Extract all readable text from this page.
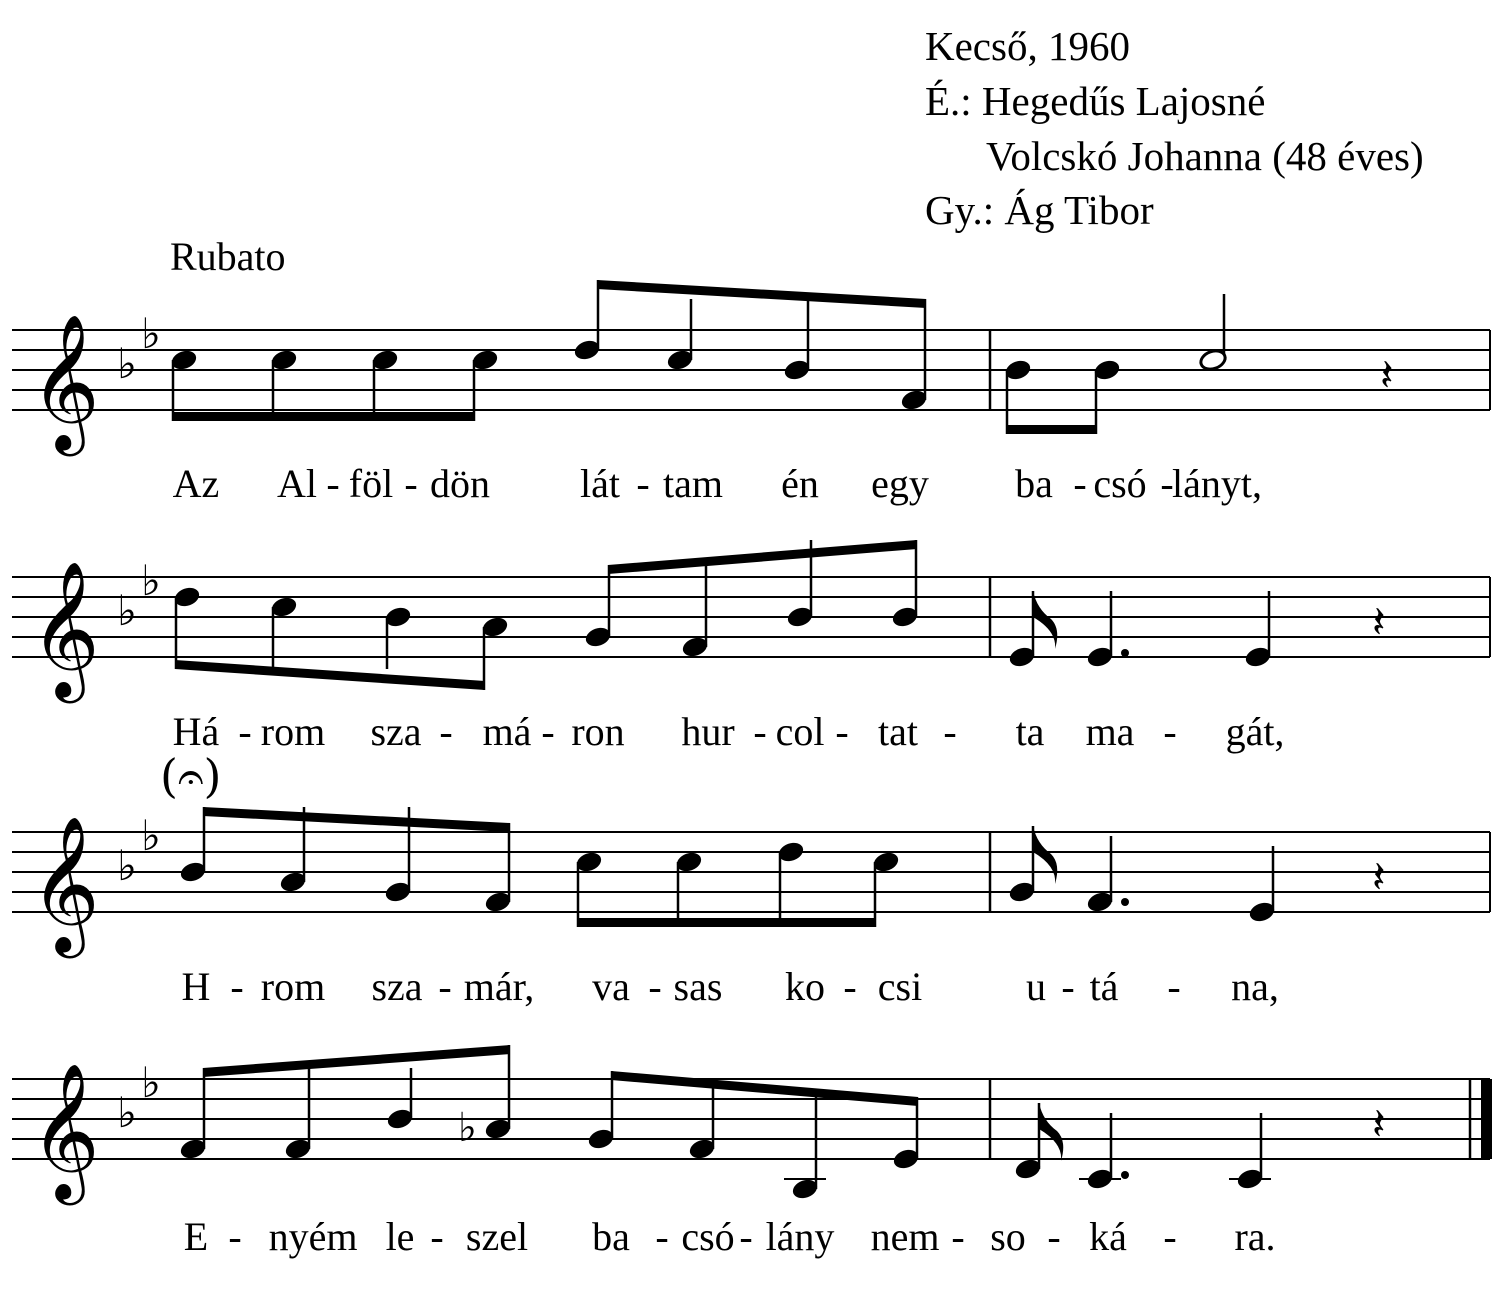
Kecső, 1960
É.: Hegedűs Lajosné
Volcskó Johanna (48 éves)
Gy.: Ág Tibor
Rubato
𝄞 ♭
♭
𝄽
Az Al - föl - dön lát - tam én egy ba - csó -
lányt,
𝄞 ♭
♭
𝄽
Há - rom sza - má - ron hur - col - tat - ta ma - gát,
𝄞 ♭
♭
𝄽
(𝄐)
H - rom sza - már, va - sas ko - csi	u - tá - na,
𝄞 ♭
♭
♭	𝄽
E - nyém le - szel ba - csó - lány nem - so - ká - ra.
